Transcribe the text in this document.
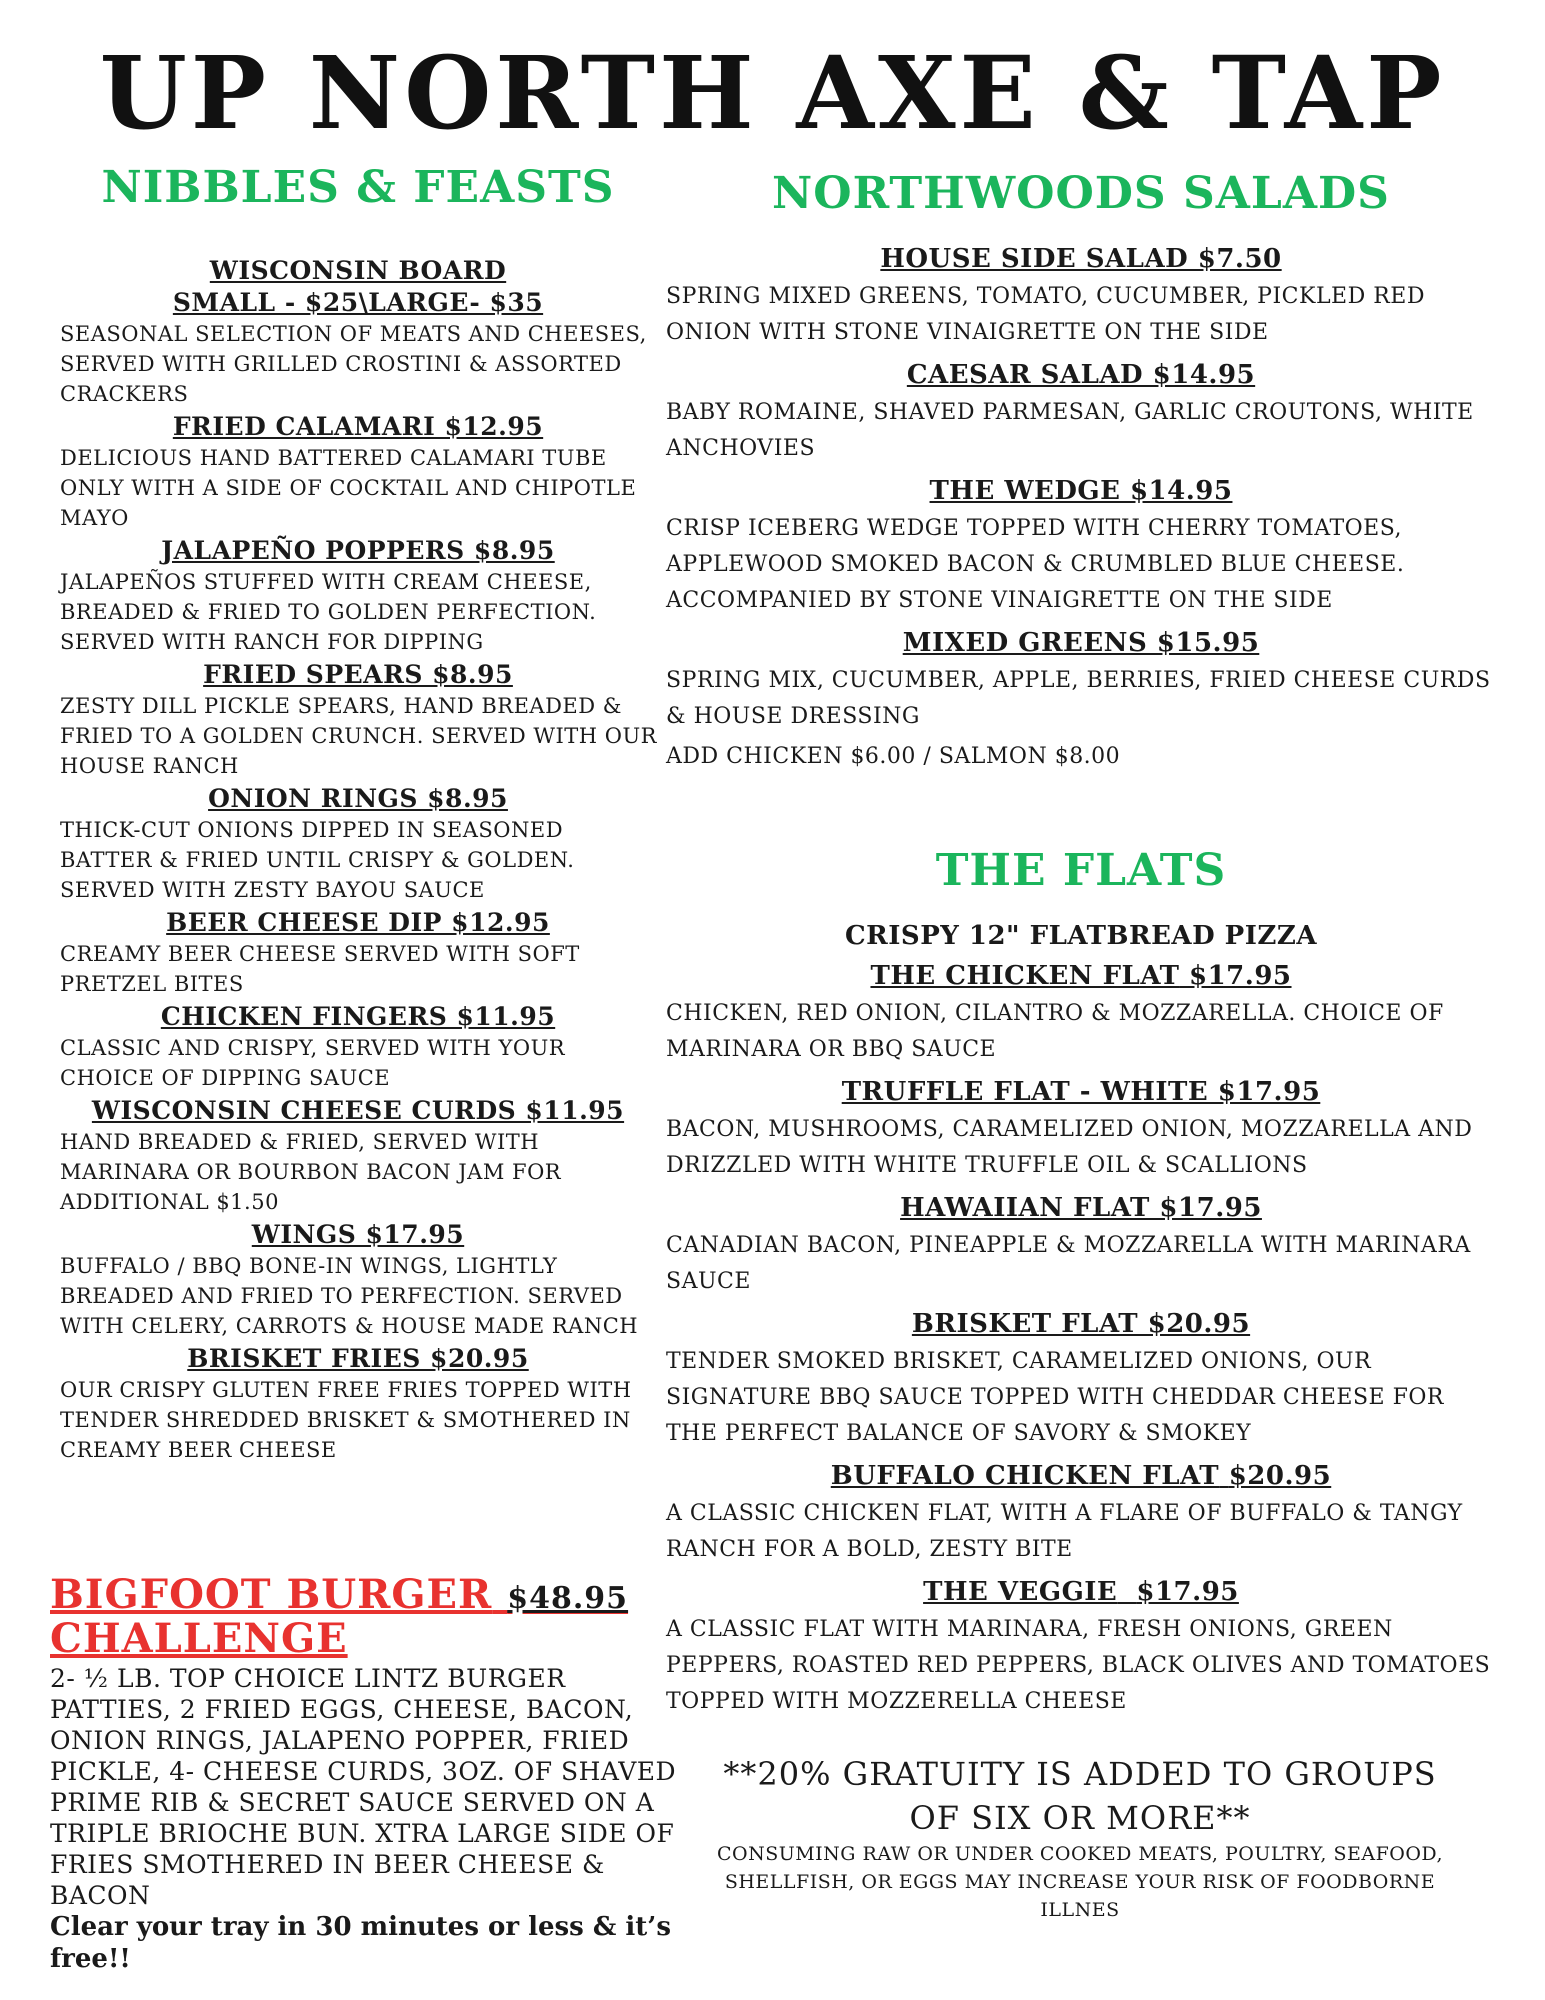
UP NORTH AXE & TAP
NIBBLES & FEASTS

WISCONSIN BOARD

SMALL - $25\LARGE- $35

SEASONAL SELECTION OF MEATS AND CHEESES, SERVED WITH GRILLED CROSTINI & ASSORTED CRACKERS

FRIED CALAMARI $12.95

DELICIOUS HAND BATTERED CALAMARI TUBE ONLY WITH A SIDE OF COCKTAIL AND CHIPOTLE MAYO

JALAPEÑO POPPERS $8.95

JALAPEÑOS STUFFED WITH CREAM CHEESE, BREADED & FRIED TO GOLDEN PERFECTION. SERVED WITH RANCH FOR DIPPING

FRIED SPEARS $8.95

ZESTY DILL PICKLE SPEARS, HAND BREADED & FRIED TO A GOLDEN CRUNCH. SERVED WITH OUR HOUSE RANCH

ONION RINGS $8.95

THICK-CUT ONIONS DIPPED IN SEASONED BATTER & FRIED UNTIL CRISPY & GOLDEN. SERVED WITH ZESTY BAYOU SAUCE

BEER CHEESE DIP $12.95

CREAMY BEER CHEESE SERVED WITH SOFT PRETZEL BITES

CHICKEN FINGERS $11.95

CLASSIC AND CRISPY, SERVED WITH YOUR CHOICE OF DIPPING SAUCE

WISCONSIN CHEESE CURDS $11.95

HAND BREADED & FRIED, SERVED WITH MARINARA OR BOURBON BACON JAM FOR ADDITIONAL $1.50

WINGS $17.95

BUFFALO / BBQ BONE-IN WINGS, LIGHTLY BREADED AND FRIED TO PERFECTION. SERVED WITH CELERY, CARROTS & HOUSE MADE RANCH

BRISKET FRIES $20.95

OUR CRISPY GLUTEN FREE FRIES TOPPED WITH TENDER SHREDDED BRISKET & SMOTHERED IN CREAMY BEER CHEESE

BIGFOOT BURGER $48.95

CHALLENGE

2- ½ LB. TOP CHOICE LINTZ BURGER PATTIES, 2 FRIED EGGS, CHEESE, BACON, ONION RINGS, JALAPENO POPPER, FRIED PICKLE, 4- CHEESE CURDS, 3OZ. OF SHAVED PRIME RIB & SECRET SAUCE SERVED ON A TRIPLE BRIOCHE BUN. XTRA LARGE SIDE OF FRIES SMOTHERED IN BEER CHEESE & BACON

Clear your tray in 30 minutes or less & it’s free!!

NORTHWOODS SALADS

HOUSE SIDE SALAD $7.50

SPRING MIXED GREENS, TOMATO, CUCUMBER, PICKLED RED ONION WITH STONE VINAIGRETTE ON THE SIDE

CAESAR SALAD $14.95

BABY ROMAINE, SHAVED PARMESAN, GARLIC CROUTONS, WHITE ANCHOVIES

THE WEDGE $14.95

CRISP ICEBERG WEDGE TOPPED WITH CHERRY TOMATOES, APPLEWOOD SMOKED BACON & CRUMBLED BLUE CHEESE. ACCOMPANIED BY STONE VINAIGRETTE ON THE SIDE

MIXED GREENS $15.95

SPRING MIX, CUCUMBER, APPLE, BERRIES, FRIED CHEESE CURDS & HOUSE DRESSING

ADD CHICKEN $6.00 / SALMON $8.00

THE FLATS

CRISPY 12" FLATBREAD PIZZA

THE CHICKEN FLAT $17.95

CHICKEN, RED ONION, CILANTRO & MOZZARELLA. CHOICE OF MARINARA OR BBQ SAUCE

TRUFFLE FLAT - WHITE $17.95

BACON, MUSHROOMS, CARAMELIZED ONION, MOZZARELLA AND DRIZZLED WITH WHITE TRUFFLE OIL & SCALLIONS

HAWAIIAN FLAT $17.95

CANADIAN BACON, PINEAPPLE & MOZZARELLA WITH MARINARA SAUCE

BRISKET FLAT $20.95

TENDER SMOKED BRISKET, CARAMELIZED ONIONS, OUR SIGNATURE BBQ SAUCE TOPPED WITH CHEDDAR CHEESE FOR THE PERFECT BALANCE OF SAVORY & SMOKEY

BUFFALO CHICKEN FLAT $20.95

A CLASSIC CHICKEN FLAT, WITH A FLARE OF BUFFALO & TANGY RANCH FOR A BOLD, ZESTY BITE

THE VEGGIE $17.95

A CLASSIC FLAT WITH MARINARA, FRESH ONIONS, GREEN PEPPERS, ROASTED RED PEPPERS, BLACK OLIVES AND TOMATOES TOPPED WITH MOZZERELLA CHEESE

**20% GRATUITY IS ADDED TO GROUPS OF SIX OR MORE**

CONSUMING RAW OR UNDER COOKED MEATS, POULTRY, SEAFOOD, SHELLFISH, OR EGGS MAY INCREASE YOUR RISK OF FOODBORNE ILLNES
